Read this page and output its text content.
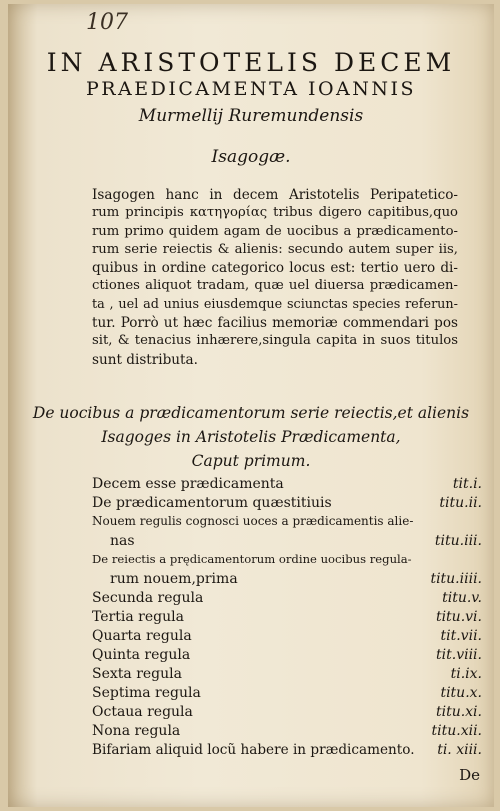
107
IN ARISTOTELIS DECEM
PRAEDICAMENTA IOANNIS
Murmellij Ruremundensis
Isagogæ.
Isagogen hanc in decem Aristotelis Peripatetico-
rum principis κατηγορίας tribus digero capitibus,quo
rum primo quidem agam de uocibus a prædicamento-
rum serie reiectis & alienis: secundo autem super iis,
quibus in ordine categorico locus est: tertio uero di-
ctiones aliquot tradam, quæ uel diuersa prædicamen-
ta , uel ad unius eiusdemque sciunctas species referun-
tur. Porrò ut hæc facilius memoriæ commendari pos
sit, & tenacius inhærere,singula capita in suos titulos
sunt distributa.
De uocibus a prædicamentorum serie reiectis,et alienis
Isagoges in Aristotelis Prædicamenta,
Caput primum.
Decem esse prædicamenta	tit.i.
De prædicamentorum quæstitiuis	titu.ii.
Nouem regulis cognosci uoces a prædicamentis alie-
nas	titu.iii.
De reiectis a prędicamentorum ordine uocibus regula-
rum nouem,prima	titu.iiii.
Secunda regula	titu.v.
Tertia regula	titu.vi.
Quarta regula	tit.vii.
Quinta regula	tit.viii.
Sexta regula	ti.ix.
Septima regula	titu.x.
Octaua regula	titu.xi.
Nona regula	titu.xii.
Bifariam aliquid locũ habere in prædicamento. ti. xiii.
De
